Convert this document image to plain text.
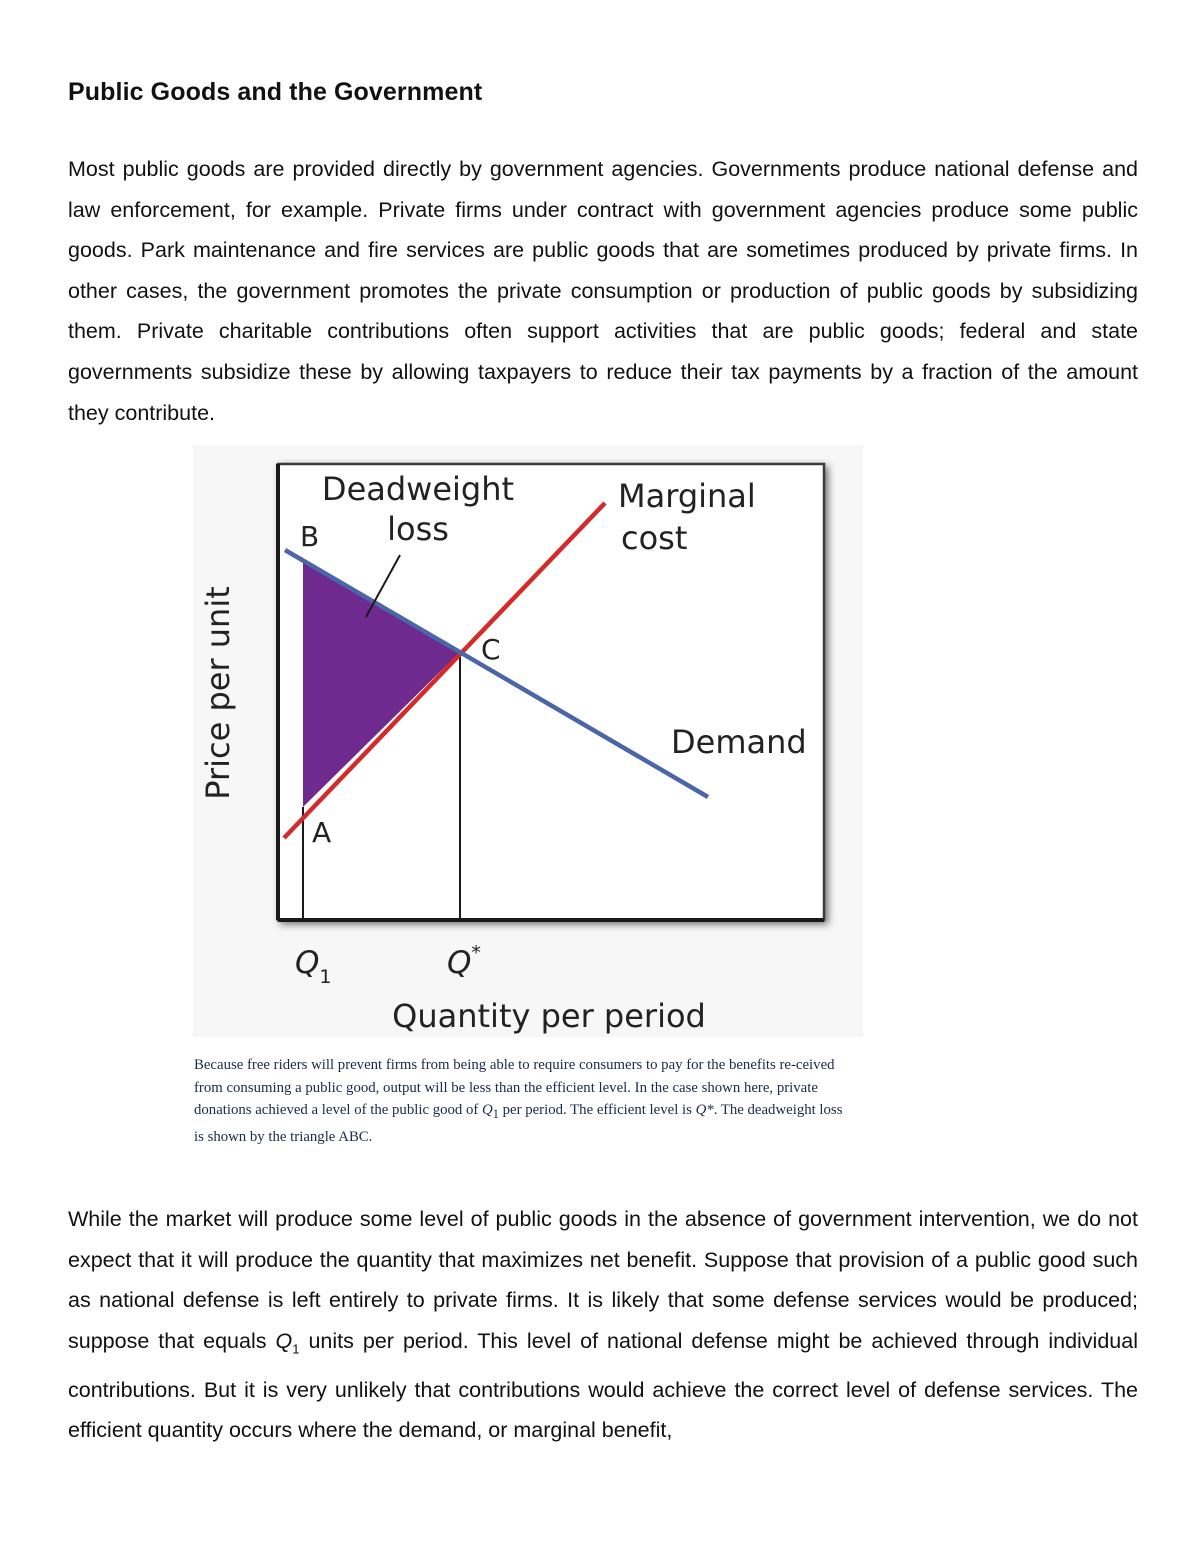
Public Goods and the Government

Most public goods are provided directly by government agencies. Governments produce national defense and law enforcement, for example. Private firms under contract with government agencies produce some public goods. Park maintenance and fire services are public goods that are sometimes produced by private firms. In other cases, the government promotes the private consumption or production of public goods by subsidizing them. Private charitable contributions often support activities that are public goods; federal and state governments subsidize these by allowing taxpayers to reduce their tax payments by a fraction of the amount they contribute.

Deadweight
loss
Marginal
cost
Demand
B
A
C
$Q_1$	Q*
Quantity per period
Price per unit

Because free riders will prevent firms from being able to require consumers to pay for the benefits re-ceived from consuming a public good, output will be less than the efficient level. In the case shown here, private donations achieved a level of the public good of $Q_1$ per period. The efficient level is Q*. The deadweight loss is shown by the triangle ABC.

While the market will produce some level of public goods in the absence of government intervention, we do not expect that it will produce the quantity that maximizes net benefit. Suppose that provision of a public good such as national defense is left entirely to private firms. It is likely that some defense services would be produced; suppose that equals $Q_1$ units per period. This level of national defense might be achieved through individual contributions. But it is very unlikely that contributions would achieve the correct level of defense services. The efficient quantity occurs where the demand, or marginal benefit,
